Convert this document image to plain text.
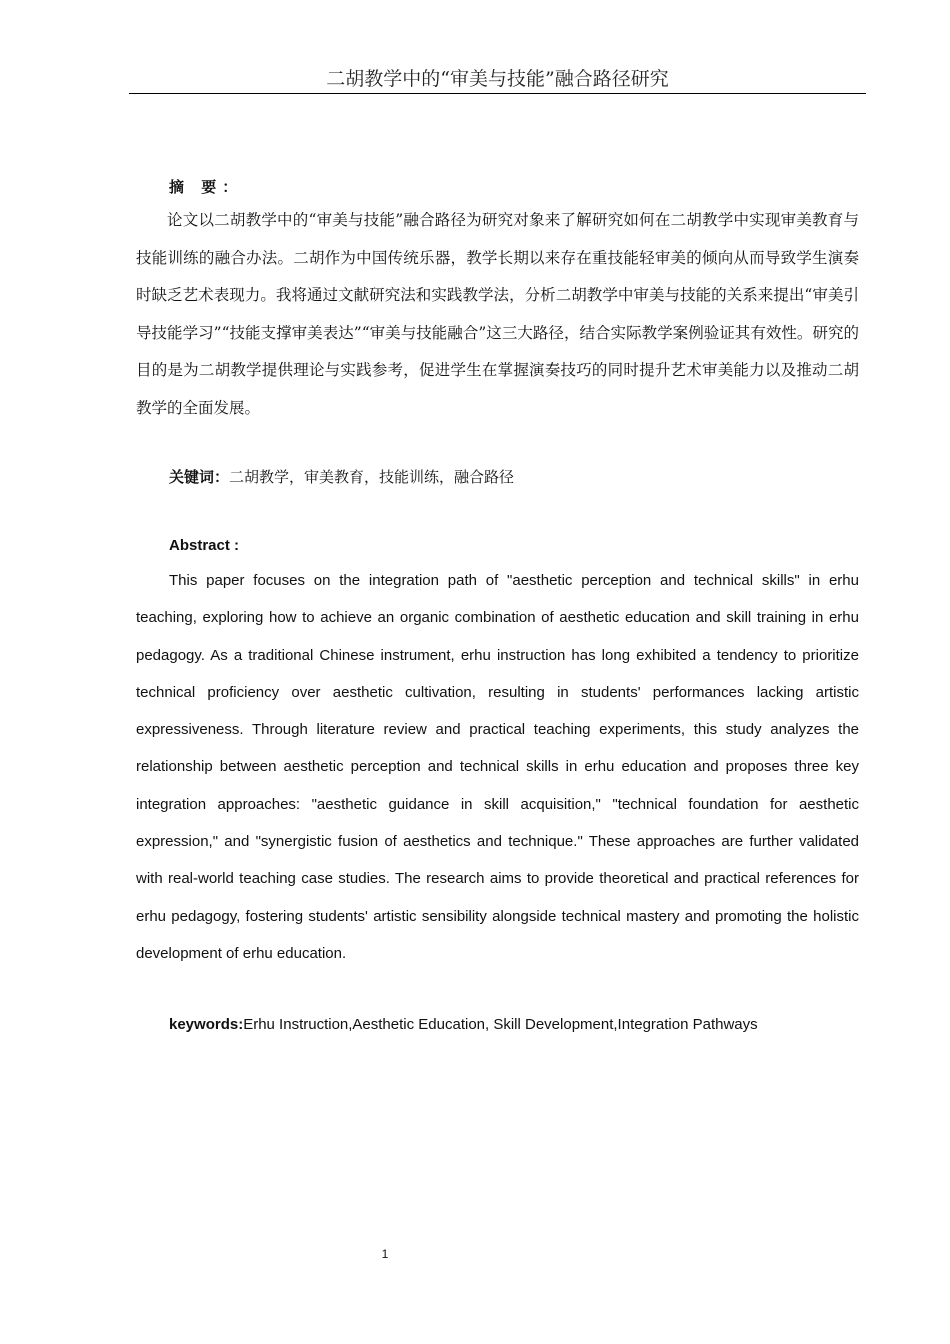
二胡教学中的“审美与技能”融合路径研究

摘 要：

论文以二胡教学中的“审美与技能”融合路径为研究对象来了解研究如何在二胡教学中实现审美教育与技能训练的融合办法。二胡作为中国传统乐器，教学长期以来存在重技能轻审美的倾向从而导致学生演奏时缺乏艺术表现力。我将通过文献研究法和实践教学法，分析二胡教学中审美与技能的关系来提出“审美引导技能学习”“技能支撑审美表达”“审美与技能融合”这三大路径，结合实际教学案例验证其有效性。研究的目的是为二胡教学提供理论与实践参考，促进学生在掌握演奏技巧的同时提升艺术审美能力以及推动二胡教学的全面发展。

关键词：二胡教学，审美教育，技能训练，融合路径

Abstract :

This paper focuses on the integration path of "aesthetic perception and technical skills" in erhu teaching, exploring how to achieve an organic combination of aesthetic education and skill training in erhu pedagogy. As a traditional Chinese instrument, erhu instruction has long exhibited a tendency to prioritize technical proficiency over aesthetic cultivation, resulting in students' performances lacking artistic expressiveness. Through literature review and practical teaching experiments, this study analyzes the relationship between aesthetic perception and technical skills in erhu education and proposes three key integration approaches: "aesthetic guidance in skill acquisition," "technical foundation for aesthetic expression," and "synergistic fusion of aesthetics and technique." These approaches are further validated with real-world teaching case studies. The research aims to provide theoretical and practical references for erhu pedagogy, fostering students' artistic sensibility alongside technical mastery and promoting the holistic development of erhu education.

keywords:Erhu Instruction,Aesthetic Education, Skill Development,Integration Pathways

1
